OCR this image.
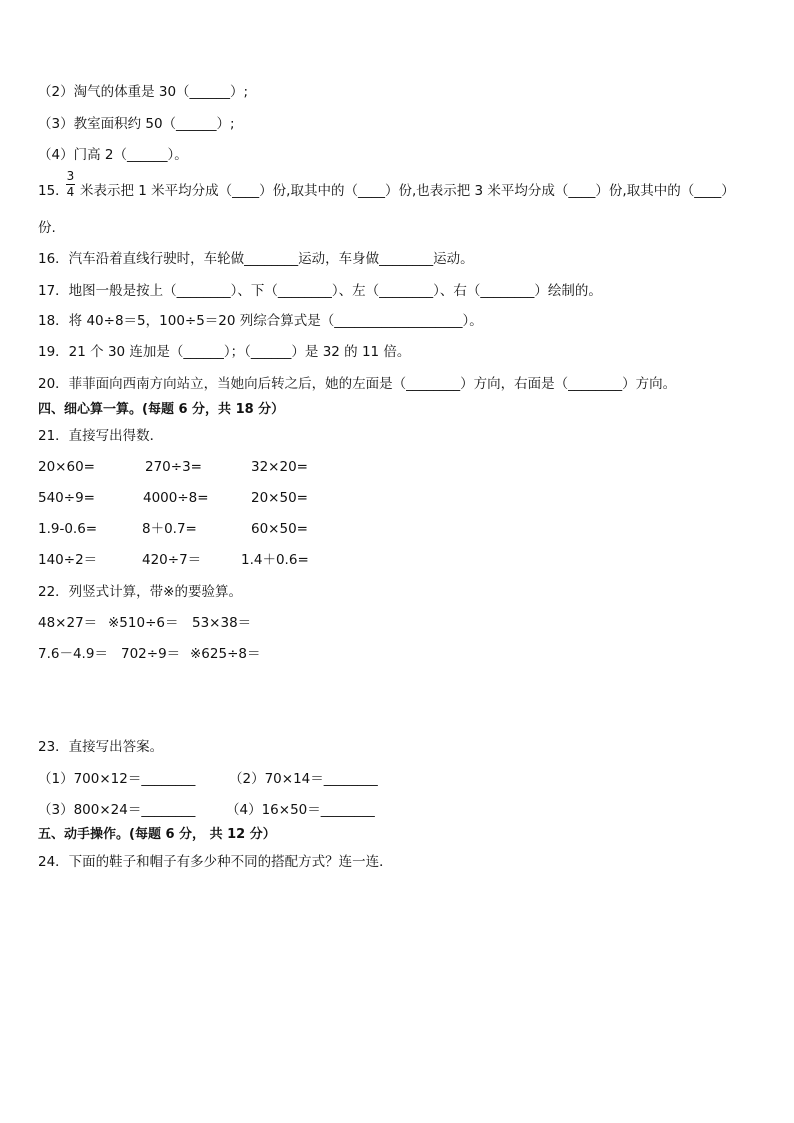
（2）淘气的体重是 30（______）;
（3）教室面积约 50（______）;
（4）门高 2（______）。
15．
3
4 米表示把 1 米平均分成（____）份,取其中的（____）份,也表示把 3 米平均分成（____）份,取其中的（____）
份.
16．汽车沿着直线行驶时，车轮做________运动，车身做________运动。
17．地图一般是按上（________）、下（________）、左（________）、右（________）绘制的。
18．将 40÷8＝5，100÷5＝20 列综合算式是（___________________）。
19．21 个 30 连加是（______）；（______）是 32 的 11 倍。
20．菲菲面向西南方向站立，当她向后转之后，她的左面是（________）方向，右面是（________）方向。
四、细心算一算。(每题 6 分，共 18 分）
21．直接写出得数．
20×60=	270÷3=	32×20=
540÷9=	4000÷8=	20×50=
1.9-0.6=	8＋0.7=	60×50=
140÷2＝	420÷7＝	1.4＋0.6=
22．列竖式计算，带※的要验算。
48×27＝ ※510÷6＝ 53×38＝
7.6－4.9＝ 702÷9＝ ※625÷8＝
23．直接写出答案。
（1）700×12＝________ （2）70×14＝________
（3）800×24＝________ （4）16×50＝________
五、动手操作。(每题 6 分， 共 12 分）
24．下面的鞋子和帽子有多少种不同的搭配方式？连一连．
